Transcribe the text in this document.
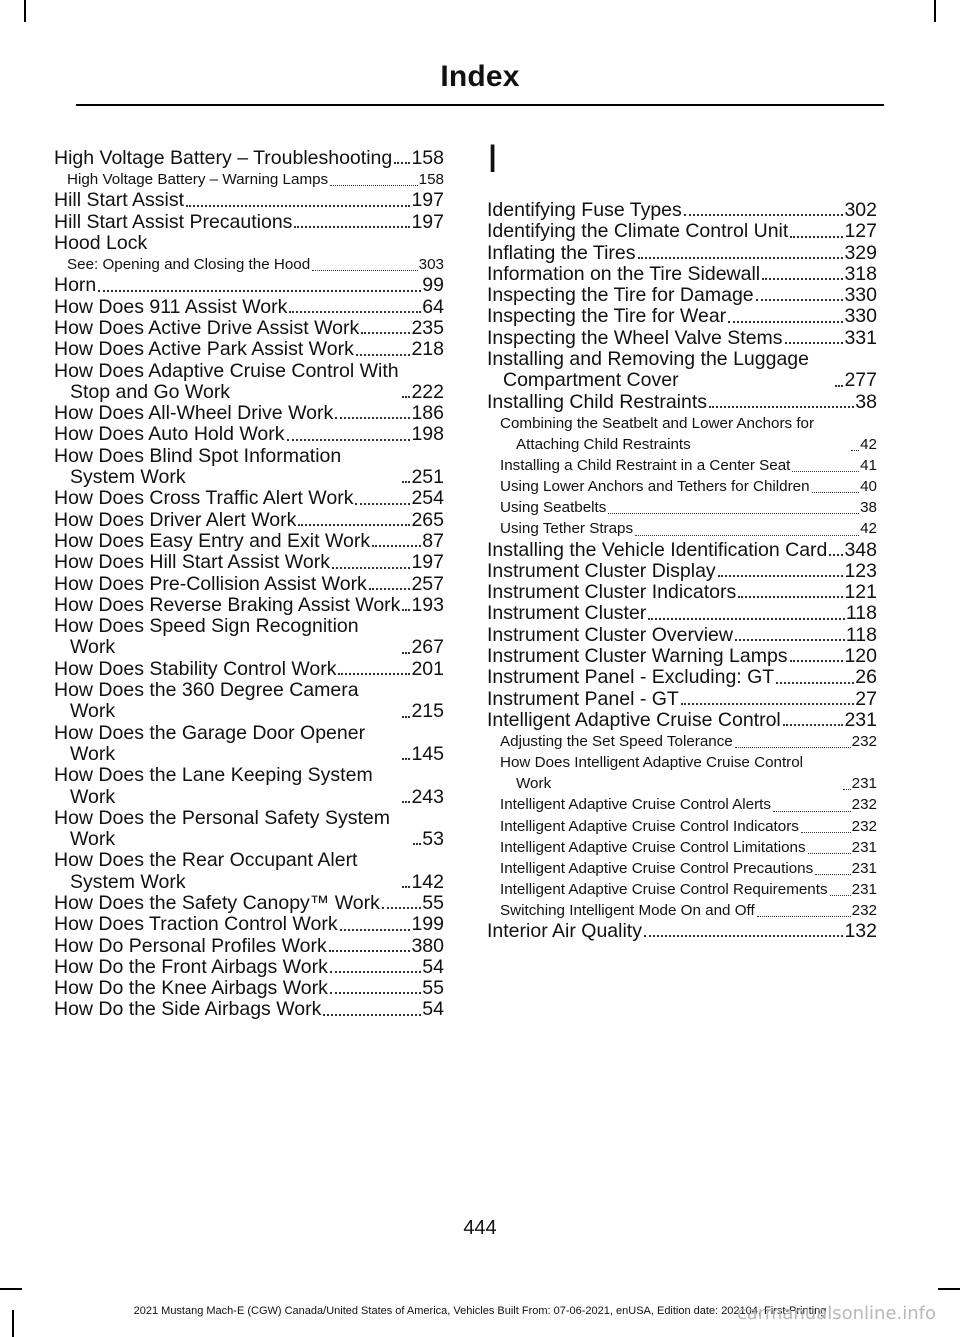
Index
High Voltage Battery – Troubleshooting 158
High Voltage Battery – Warning Lamps	158
Hill Start Assist	197
Hill Start Assist Precautions	197
Hood Lock
See: Opening and Closing the Hood	303
Horn	99
How Does 911 Assist Work	64
How Does Active Drive Assist Work	235
How Does Active Park Assist Work	218
How Does Adaptive Cruise Control With Stop and Go Work	222
How Does All-Wheel Drive Work	186
How Does Auto Hold Work	198
How Does Blind Spot Information System Work	251
How Does Cross Traffic Alert Work	254
How Does Driver Alert Work	265
How Does Easy Entry and Exit Work	87
How Does Hill Start Assist Work	197
How Does Pre-Collision Assist Work 257
How Does Reverse Braking Assist Work 193
How Does Speed Sign Recognition Work	267
How Does Stability Control Work	201
How Does the 360 Degree Camera Work	215
How Does the Garage Door Opener Work	145
How Does the Lane Keeping System Work	243
How Does the Personal Safety System Work	53
How Does the Rear Occupant Alert System Work	142
How Does the Safety Canopy™ Work 55
How Does Traction Control Work	199
How Do Personal Profiles Work	380
How Do the Front Airbags Work	54
How Do the Knee Airbags Work	55
How Do the Side Airbags Work	54
I
Identifying Fuse Types	302
Identifying the Climate Control Unit	127
Inflating the Tires	329
Information on the Tire Sidewall	318
Inspecting the Tire for Damage	330
Inspecting the Tire for Wear	330
Inspecting the Wheel Valve Stems	331
Installing and Removing the Luggage Compartment Cover	277
Installing Child Restraints	38
Combining the Seatbelt and Lower Anchors for Attaching Child Restraints	42
Installing a Child Restraint in a Center Seat	41
Using Lower Anchors and Tethers for Children	40
Using Seatbelts	38
Using Tether Straps	42
Installing the Vehicle Identification Card 348
Instrument Cluster Display	123
Instrument Cluster Indicators	121
Instrument Cluster	118
Instrument Cluster Overview	118
Instrument Cluster Warning Lamps	120
Instrument Panel - Excluding: GT	26
Instrument Panel - GT	27
Intelligent Adaptive Cruise Control	231
Adjusting the Set Speed Tolerance	232
How Does Intelligent Adaptive Cruise Control Work	231
Intelligent Adaptive Cruise Control Alerts	232
Intelligent Adaptive Cruise Control Indicators	232
Intelligent Adaptive Cruise Control Limitations	231
Intelligent Adaptive Cruise Control Precautions	231
Intelligent Adaptive Cruise Control Requirements 231
Switching Intelligent Mode On and Off	232
Interior Air Quality	132
444
2021 Mustang Mach-E (CGW) Canada/United States of America, Vehicles Built From: 07-06-2021, enUSA, Edition date: 202104, First-Printing
carmanualsonline.info
